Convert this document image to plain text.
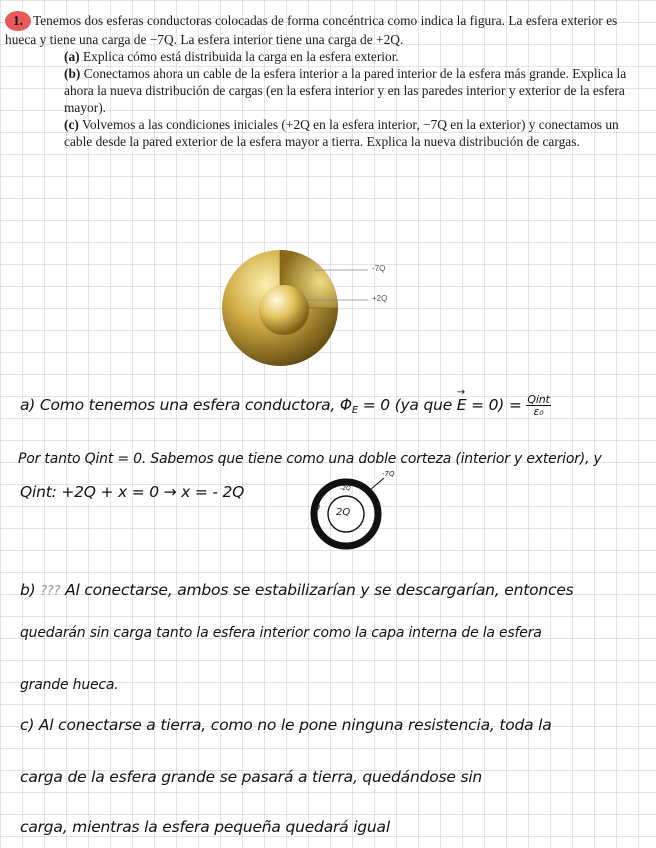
1. Tenemos dos esferas conductoras colocadas de forma concéntrica como indica la figura. La esfera exterior es hueca y tiene una carga de −7Q. La esfera interior tiene una carga de +2Q.

(a) Explica cómo está distribuida la carga en la esfera exterior.

(b) Conectamos ahora un cable de la esfera interior a la pared interior de la esfera más grande. Explica la ahora la nueva distribución de cargas (en la esfera interior y en las paredes interior y exterior de la esfera mayor).

(c) Volvemos a las condiciones iniciales (+2Q en la esfera interior, −7Q en la exterior) y conectamos un cable desde la pared exterior de la esfera mayor a tierra. Explica la nueva distribución de cargas.

-7Q
+2Q
a) Como tenemos una esfera conductora, ΦE = 0 (ya que
→
$E = 0) = \frac{\text{Qint}}{\text{ε₀}}$
Por tanto Qint = 0. Sabemos que tiene como una doble corteza (interior y exterior), y
Qint: +2Q + x = 0 → x = - 2Q
-7Q
-2Q
0 2Q
b) ??? Al conectarse, ambos se estabilizarían y se descargarían, entonces
quedarán sin carga tanto la esfera interior como la capa interna de la esfera
grande hueca.
c) Al conectarse a tierra, como no le pone ninguna resistencia, toda la
carga de la esfera grande se pasará a tierra, quedándose sin
carga, mientras la esfera pequeña quedará igual
